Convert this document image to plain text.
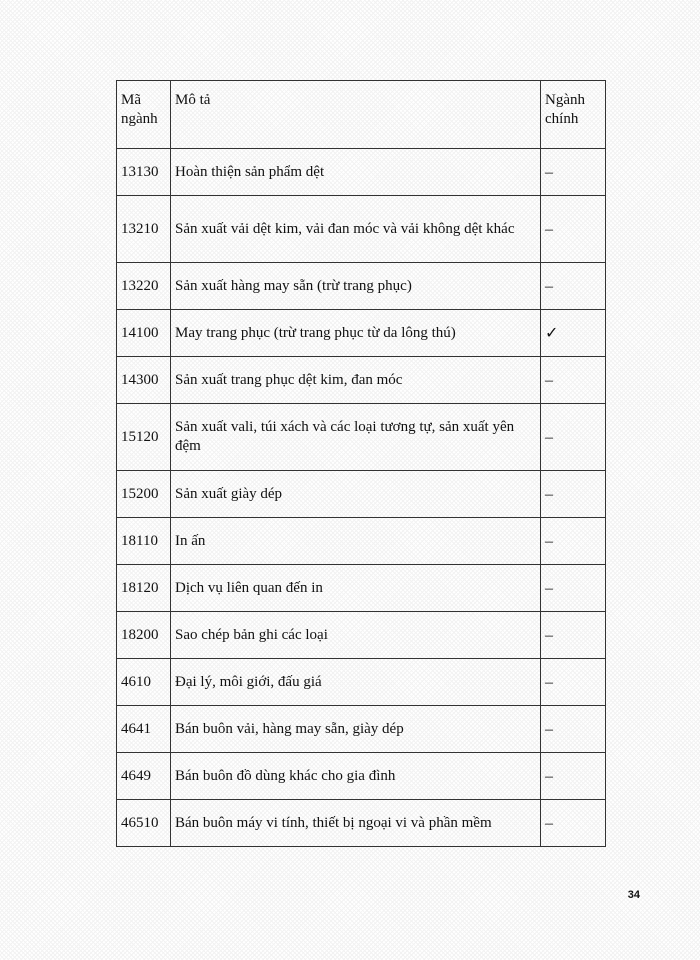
Mã ngành	Mô tả	Ngành chính
13130	Hoàn thiện sản phẩm dệt	–
13210	Sản xuất vải dệt kim, vải đan móc và vải không dệt khác	–
13220	Sản xuất hàng may sẵn (trừ trang phục)	–
14100	May trang phục (trừ trang phục từ da lông thú)	✓
14300	Sản xuất trang phục dệt kim, đan móc	–
15120	Sản xuất vali, túi xách và các loại tương tự, sản xuất yên đệm	–
15200	Sản xuất giày dép	–
18110	In ấn	–
18120	Dịch vụ liên quan đến in	–
18200	Sao chép bản ghi các loại	–
4610	Đại lý, môi giới, đấu giá	–
4641	Bán buôn vải, hàng may sẵn, giày dép	–
4649	Bán buôn đồ dùng khác cho gia đình	–
46510	Bán buôn máy vi tính, thiết bị ngoại vi và phần mềm	–
34
